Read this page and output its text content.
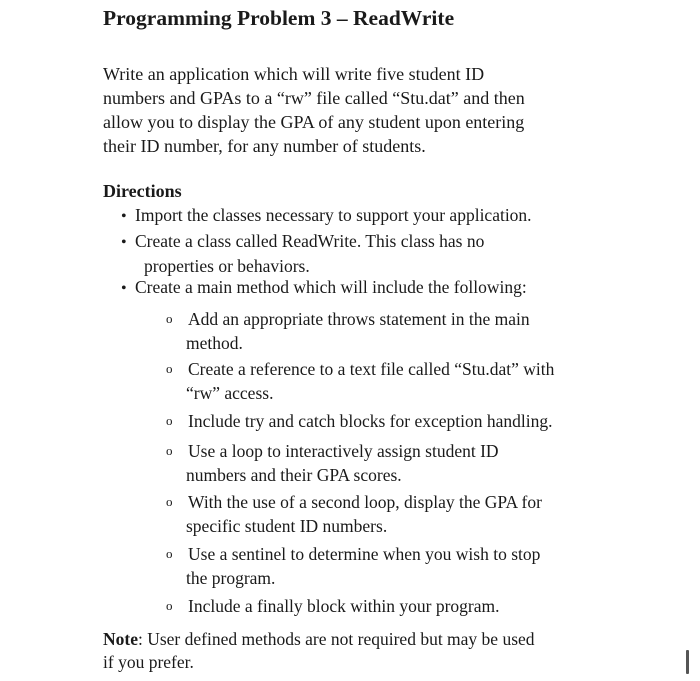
Programming Problem 3 – ReadWrite

Write an application which will write five student ID
numbers and GPAs to a “rw” file called “Stu.dat” and then
allow you to display the GPA of any student upon entering
their ID number, for any number of students.

Directions
• Import the classes necessary to support your application.
• Create a class called ReadWrite. This class has no
properties or behaviors.
• Create a main method which will include the following:
o Add an appropriate throws statement in the main
method.
o Create a reference to a text file called “Stu.dat” with
“rw” access.
o Include try and catch blocks for exception handling.
o Use a loop to interactively assign student ID
numbers and their GPA scores.
o With the use of a second loop, display the GPA for
specific student ID numbers.
o Use a sentinel to determine when you wish to stop
the program.
o Include a finally block within your program.

Note: User defined methods are not required but may be used
if you prefer.
